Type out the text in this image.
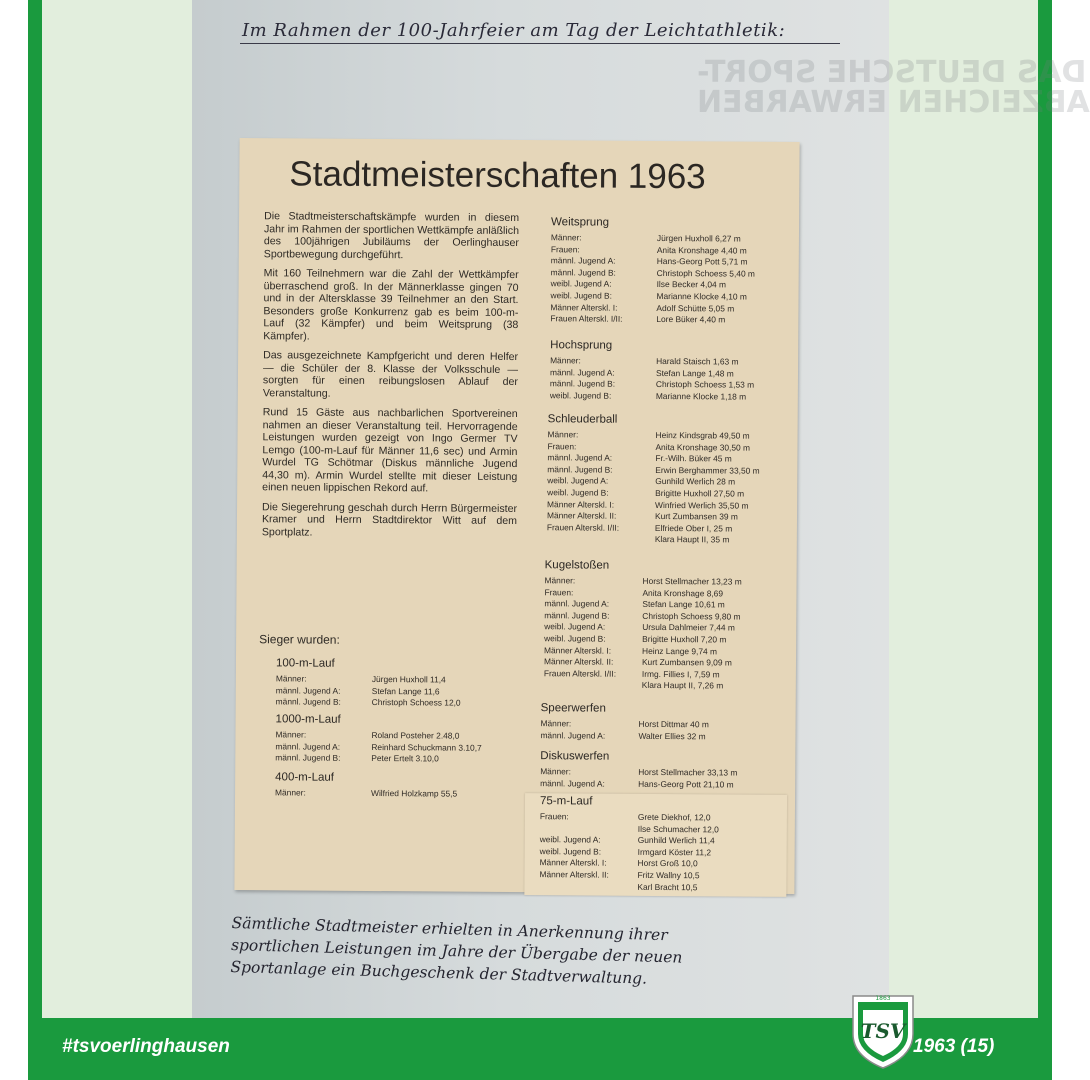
DAS DEUTSCHE SPORT-
ABZEICHEN ERWARBEN
Im Rahmen der 100-Jahrfeier am Tag der Leichtathletik:
Stadtmeisterschaften 1963

Die Stadtmeisterschaftskämpfe wurden in diesem Jahr im Rahmen der sportlichen Wettkämpfe anläßlich des 100jährigen Jubiläums der Oerlinghauser Sportbewegung durchgeführt.

Mit 160 Teilnehmern war die Zahl der Wettkämpfer überraschend groß. In der Männerklasse gingen 70 und in der Altersklasse 39 Teilnehmer an den Start. Besonders große Konkurrenz gab es beim 100-m-Lauf (32 Kämpfer) und beim Weitsprung (38 Kämpfer).

Das ausgezeichnete Kampfgericht und deren Helfer — die Schüler der 8. Klasse der Volksschule — sorgten für einen reibungslosen Ablauf der Veranstaltung.

Rund 15 Gäste aus nachbarlichen Sportvereinen nahmen an dieser Veranstaltung teil. Hervorragende Leistungen wurden gezeigt von Ingo Germer TV Lemgo (100-m-Lauf für Männer 11,6 sec) und Armin Wurdel TG Schötmar (Diskus männliche Jugend 44,30 m). Armin Wurdel stellte mit dieser Leistung einen neuen lippischen Rekord auf.

Die Siegerehrung geschah durch Herrn Bürgermeister Kramer und Herrn Stadtdirektor Witt auf dem Sportplatz.

Sieger wurden:
100-m-Lauf
Männer:	Jürgen Huxholl 11,4
männl. Jugend A:	Stefan Lange 11,6
männl. Jugend B:	Christoph Schoess 12,0
1000-m-Lauf
Männer:	Roland Posteher 2.48,0
männl. Jugend A:	Reinhard Schuckmann 3.10,7
männl. Jugend B:	Peter Ertelt 3.10,0
400-m-Lauf
Männer:	Wilfried Holzkamp 55,5
Weitsprung
Männer:	Jürgen Huxholl 6,27 m
Frauen:	Anita Kronshage 4,40 m
männl. Jugend A:	Hans-Georg Pott 5,71 m
männl. Jugend B:	Christoph Schoess 5,40 m
weibl. Jugend A:	Ilse Becker 4,04 m
weibl. Jugend B:	Marianne Klocke 4,10 m
Männer Alterskl. I:	Adolf Schütte 5,05 m
Frauen Alterskl. I/II:	Lore Büker 4,40 m
Hochsprung
Männer:	Harald Staisch 1,63 m
männl. Jugend A:	Stefan Lange 1,48 m
männl. Jugend B:	Christoph Schoess 1,53 m
weibl. Jugend B:	Marianne Klocke 1,18 m
Schleuderball
Männer:	Heinz Kindsgrab 49,50 m
Frauen:	Anita Kronshage 30,50 m
männl. Jugend A:	Fr.-Wilh. Büker 45 m
männl. Jugend B:	Erwin Berghammer 33,50 m
weibl. Jugend A:	Gunhild Werlich 28 m
weibl. Jugend B:	Brigitte Huxholl 27,50 m
Männer Alterskl. I:	Winfried Werlich 35,50 m
Männer Alterskl. II:	Kurt Zumbansen 39 m
Frauen Alterskl. I/II:	Elfriede Ober I, 25 m
Klara Haupt II, 35 m
Kugelstoßen
Männer:	Horst Stellmacher 13,23 m
Frauen:	Anita Kronshage 8,69
männl. Jugend A:	Stefan Lange 10,61 m
männl. Jugend B:	Christoph Schoess 9,80 m
weibl. Jugend A:	Ursula Dahlmeier 7,44 m
weibl. Jugend B:	Brigitte Huxholl 7,20 m
Männer Alterskl. I:	Heinz Lange 9,74 m
Männer Alterskl. II:	Kurt Zumbansen 9,09 m
Frauen Alterskl. I/II:	Irmg. Fillies I, 7,59 m
Klara Haupt II, 7,26 m
Speerwerfen
Männer:	Horst Dittmar 40 m
männl. Jugend A:	Walter Ellies 32 m
Diskuswerfen
Männer:	Horst Stellmacher 33,13 m
männl. Jugend A:	Hans-Georg Pott 21,10 m
75-m-Lauf
Frauen:	Grete Diekhof, 12,0
Ilse Schumacher 12,0
weibl. Jugend A:	Gunhild Werlich 11,4
weibl. Jugend B:	Irmgard Köster 11,2
Männer Alterskl. I:	Horst Groß 10,0
Männer Alterskl. II:	Fritz Wallny 10,5
Karl Bracht 10,5
Sämtliche Stadtmeister erhielten in Anerkennung ihrer
sportlichen Leistungen im Jahre der Übergabe der neuen
Sportanlage ein Buchgeschenk der Stadtverwaltung.
#tsvoerlinghausen	1963 (15)
1863
TSV
